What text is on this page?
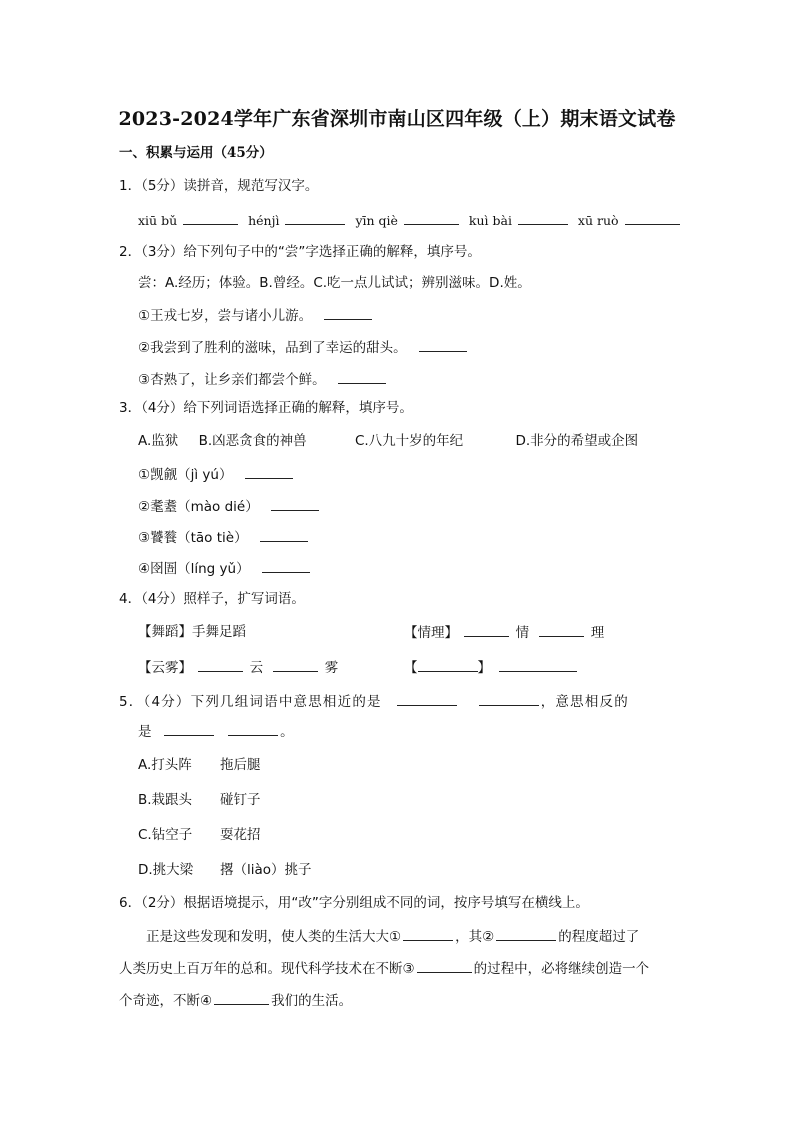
2023-2024学年广东省深圳市南山区四年级（上）期末语文试卷
一、积累与运用（45分）
1．（5分）读拼音，规范写汉字。
xiū bǔ	hénjì	yīn qiè	kuì bài	xū ruò
2．（3分）给下列句子中的“尝”字选择正确的解释，填序号。
尝：A.经历；体验。B.曾经。C.吃一点儿试试；辨别滋味。D.姓。
①王戎七岁，尝与诸小儿游。
②我尝到了胜利的滋味，品到了幸运的甜头。
③杏熟了，让乡亲们都尝个鲜。
3．（4分）给下列词语选择正确的解释，填序号。
A.监狱 B.凶恶贪食的神兽	C.八九十岁的年纪	D.非分的希望或企图
①觊觎（jì yú）
②耄耋（mào dié）
③饕餮（tāo tiè）
④囹圄（líng yǔ）
4．（4分）照样子，扩写词语。
【舞蹈】手舞足蹈	【情理】	情	理
【云雾】	云	雾	【	】
5．（4分）下列几组词语中意思相近的是	，意思相反的
是	。
A.打头阵 拖后腿
B.栽跟头 碰钉子
C.钻空子 耍花招
D.挑大梁 撂（liào）挑子
6．（2分）根据语境提示，用“改”字分别组成不同的词，按序号填写在横线上。
正是这些发现和发明，使人类的生活大大①	，其②	的程度超过了
人类历史上百万年的总和。现代科学技术在不断③	的过程中，必将继续创造一个
个奇迹，不断④	我们的生活。
